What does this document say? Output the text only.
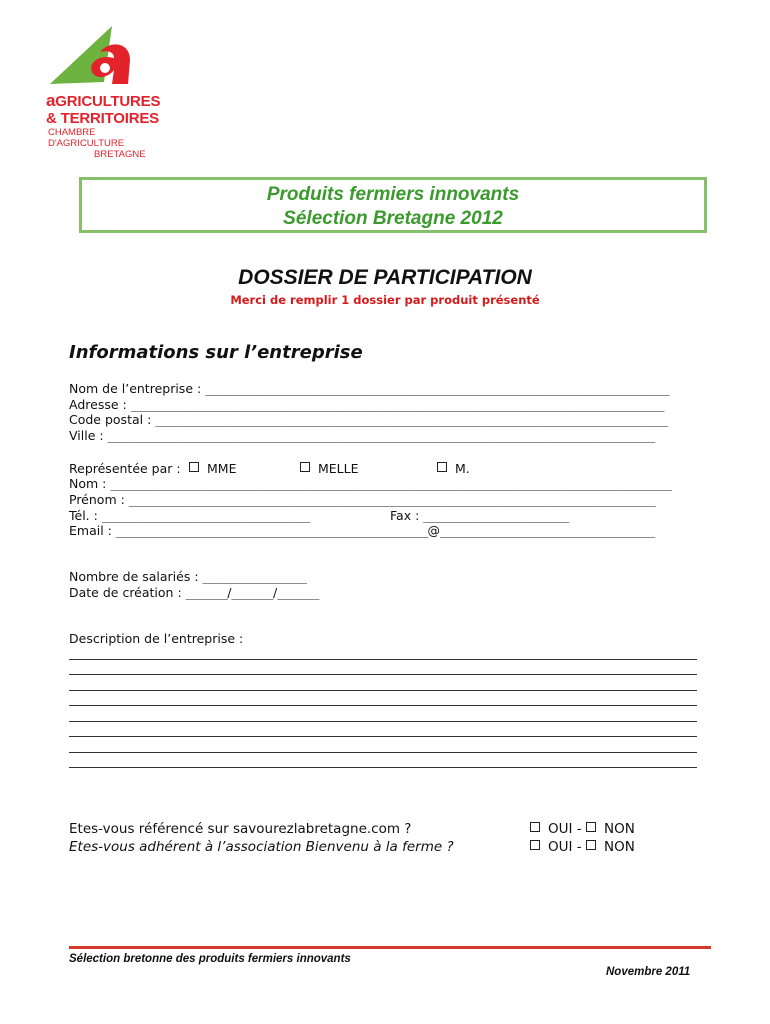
aGRICULTURES
& TERRITOIRES
CHAMBRE D'AGRICULTURE
BRETAGNE
Produits fermiers innovants
Sélection Bretagne 2012
DOSSIER DE PARTICIPATION
Merci de remplir 1 dossier par produit présenté
Informations sur l’entreprise
Nom de l’entreprise : ___________________________________________________________________
Adresse : _____________________________________________________________________________
Code postal : __________________________________________________________________________
Ville : _______________________________________________________________________________
Représentée par :	MME	MELLE	M.
Nom : _________________________________________________________________________________
Prénom : ____________________________________________________________________________
Tél. : ______________________________	Fax : _____________________
Email : _____________________________________________@_______________________________
Nombre de salariés : _______________
Date de création : ______/______/______
Description de l’entreprise :
Etes-vous référencé sur savourezlabretagne.com ?	OUI - NON
Etes-vous adhérent à l’association Bienvenu à la ferme ?	OUI - NON
Sélection bretonne des produits fermiers innovants
Novembre 2011
